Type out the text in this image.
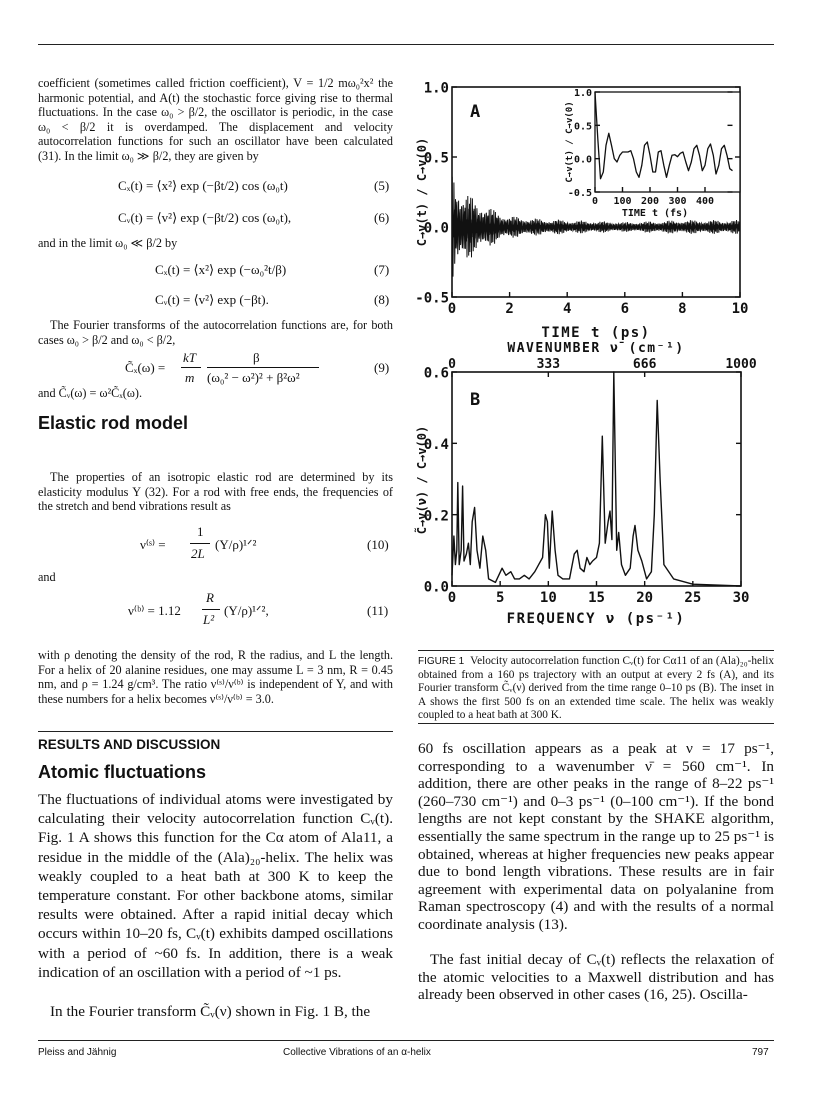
coefficient (sometimes called friction coefficient), V = 1/2 mω₀²x² the harmonic potential, and A(t) the stochastic force giving rise to thermal fluctuations. In the case ω₀ > β/2, the oscillator is periodic, in the case ω₀ < β/2 it is overdamped. The displacement and velocity autocorrelation functions for such an oscillator have been calculated (31). In the limit ω₀ ≫ β/2, they are given by
Cₓ(t) = ⟨x²⟩ exp (−βt/2) cos (ω₀t)	(5)
Cᵥ(t) = ⟨v²⟩ exp (−βt/2) cos (ω₀t),	(6)
and in the limit ω₀ ≪ β/2 by
Cₓ(t) = ⟨x²⟩ exp (−ω₀²t/β)	(7)
Cᵥ(t) = ⟨v²⟩ exp (−βt).	(8)
The Fourier transforms of the autocorrelation functions are, for both cases ω₀ > β/2 and ω₀ < β/2,
C̃ₓ(ω) =
kT
m
β
(ω₀² − ω²)² + β²ω²
(9)
and C̃ᵥ(ω) = ω²C̃ₓ(ω).
Elastic rod model
The properties of an isotropic elastic rod are determined by its elasticity modulus Y (32). For a rod with free ends, the frequencies of the stretch and bend vibrations result as
ν⁽ˢ⁾ =
1
2L
(Y/ρ)¹ᐟ²	(10)
and
ν⁽ᵇ⁾ = 1.12
R
L²
(Y/ρ)¹ᐟ²,	(11)
with ρ denoting the density of the rod, R the radius, and L the length. For a helix of 20 alanine residues, one may assume L = 3 nm, R = 0.45 nm, and ρ = 1.24 g/cm³. The ratio ν⁽ˢ⁾/ν⁽ᵇ⁾ is independent of Y, and with these numbers for a helix becomes ν⁽ˢ⁾/ν⁽ᵇ⁾ = 3.0.
RESULTS AND DISCUSSION
Atomic fluctuations
The fluctuations of individual atoms were investigated by calculating their velocity autocorrelation function Cᵥ(t). Fig. 1 A shows this function for the Cα atom of Ala11, a residue in the middle of the (Ala)₂₀-helix. The helix was weakly coupled to a heat bath at 300 K to keep the temperature constant. For other backbone atoms, similar results were obtained. After a rapid initial decay which occurs within 10–20 fs, Cᵥ(t) exhibits damped oscillations with a period of ~60 fs. In addition, there is a weak indication of an oscillation with a period of ~1 ps.
In the Fourier transform C̃ᵥ(ν) shown in Fig. 1 B, the
A
TIME t (ps)
C→v(t) / C→v(0)	TIME t (fs)
C→v(t) / C→v(0)
0	2	4	6	8	10
-0.5
0.0
0.5
1.0
0 100 200 300 400
-0.5
0.0
0.5
1.0
B
WAVENUMBER ν̄ (cm⁻¹)
FREQUENCY ν (ps⁻¹)
C̃→v(ν) / C→v(0)
0	5	10 15 20 25 30
0.0
0.2
0.4
0.6
0	333	666	1000
FIGURE 1 Velocity autocorrelation function Cᵥ(t) for Cα11 of an (Ala)₂₀-helix obtained from a 160 ps trajectory with an output at every 2 fs (A), and its Fourier transform C̃ᵥ(ν) derived from the time range 0–10 ps (B). The inset in A shows the first 500 fs on an extended time scale. The helix was weakly coupled to a heat bath at 300 K.
60 fs oscillation appears as a peak at ν = 17 ps⁻¹, corresponding to a wavenumber ν̄ = 560 cm⁻¹. In addition, there are other peaks in the range of 8–22 ps⁻¹ (260–730 cm⁻¹) and 0–3 ps⁻¹ (0–100 cm⁻¹). If the bond lengths are not kept constant by the SHAKE algorithm, essentially the same spectrum in the range up to 25 ps⁻¹ is obtained, whereas at higher frequencies new peaks appear due to bond length vibrations. These results are in fair agreement with experimental data on polyalanine from Raman spectroscopy (4) and with the results of a normal coordinate analysis (13).
The fast initial decay of Cᵥ(t) reflects the relaxation of the atomic velocities to a Maxwell distribution and has already been observed in other cases (16, 25). Oscilla-
Pleiss and Jähnig	Collective Vibrations of an α-helix	797
